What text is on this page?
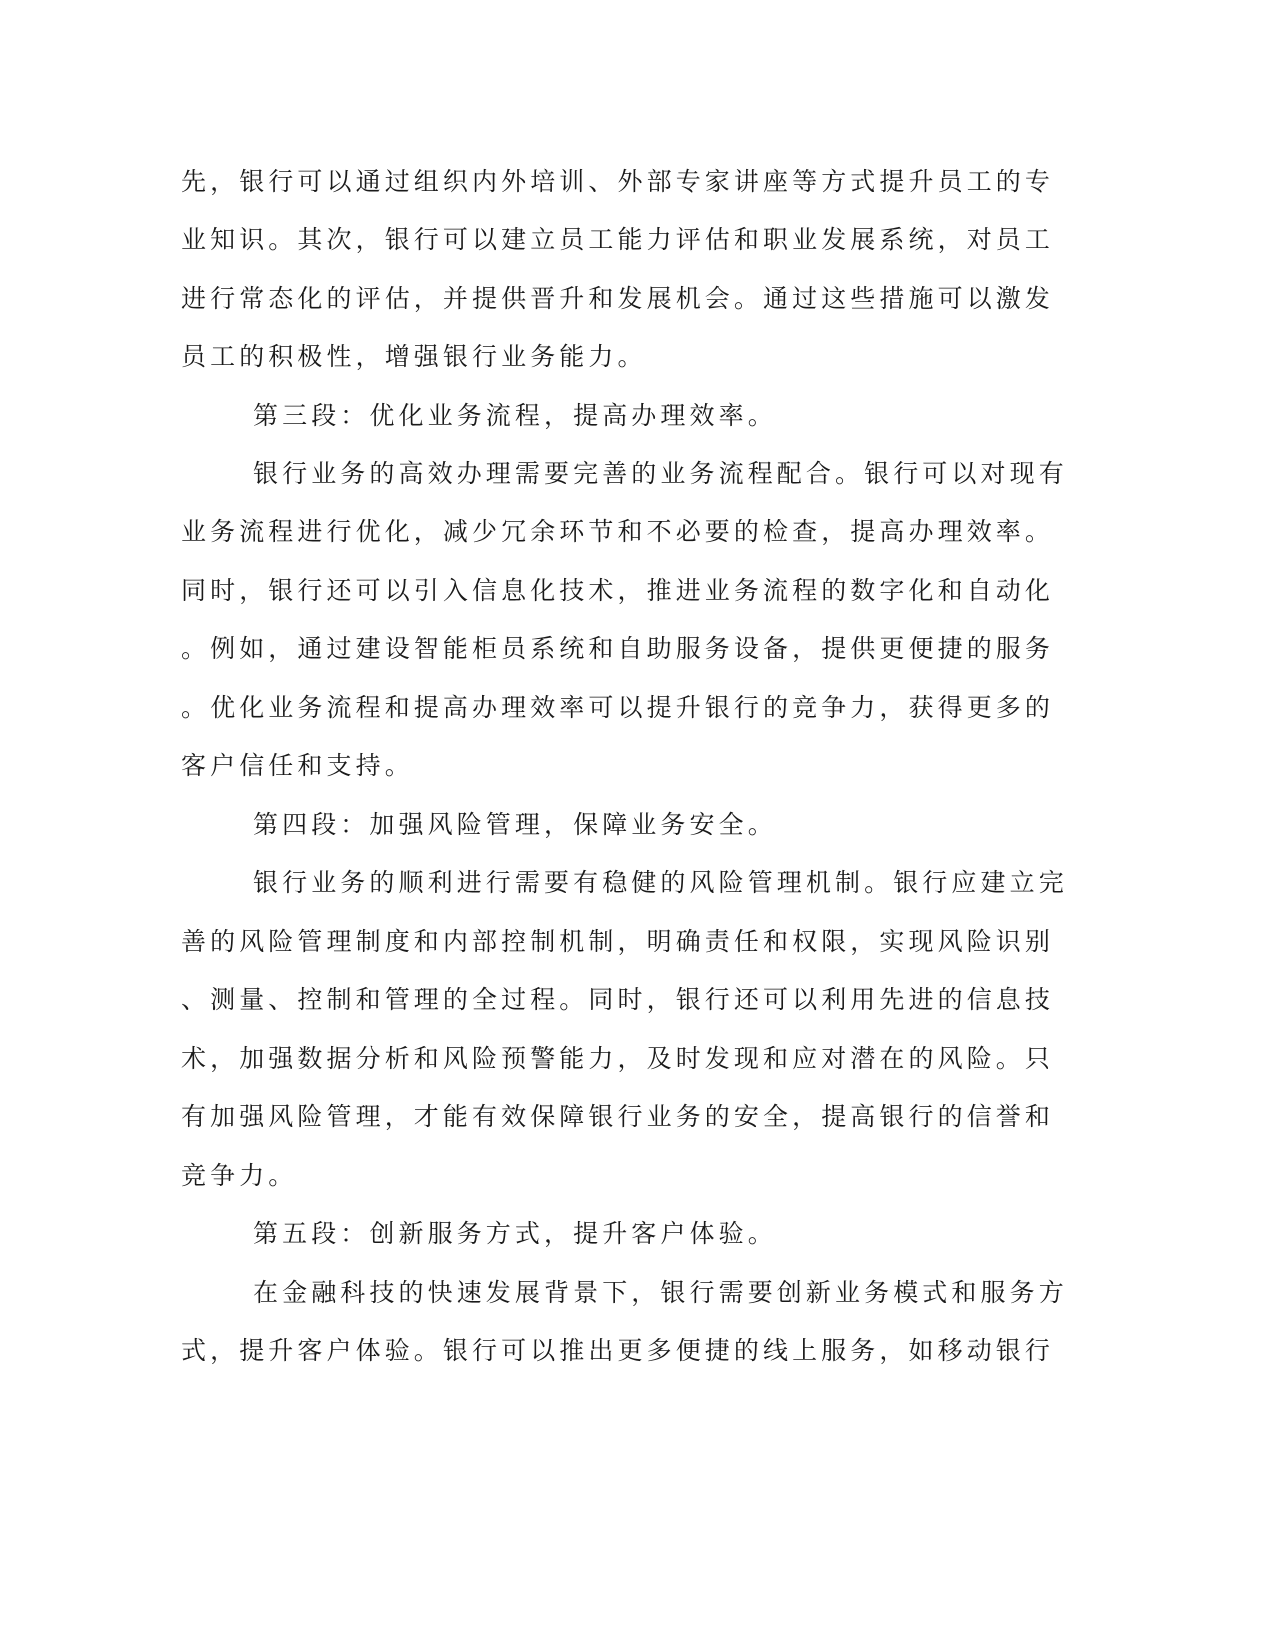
先，银行可以通过组织内外培训、外部专家讲座等方式提升员工的专
业知识。其次，银行可以建立员工能力评估和职业发展系统，对员工
进行常态化的评估，并提供晋升和发展机会。通过这些措施可以激发
员工的积极性，增强银行业务能力。
第三段：优化业务流程，提高办理效率。
银行业务的高效办理需要完善的业务流程配合。银行可以对现有
业务流程进行优化，减少冗余环节和不必要的检查，提高办理效率。
同时，银行还可以引入信息化技术，推进业务流程的数字化和自动化
。例如，通过建设智能柜员系统和自助服务设备，提供更便捷的服务
。优化业务流程和提高办理效率可以提升银行的竞争力，获得更多的
客户信任和支持。
第四段：加强风险管理，保障业务安全。
银行业务的顺利进行需要有稳健的风险管理机制。银行应建立完
善的风险管理制度和内部控制机制，明确责任和权限，实现风险识别
、测量、控制和管理的全过程。同时，银行还可以利用先进的信息技
术，加强数据分析和风险预警能力，及时发现和应对潜在的风险。只
有加强风险管理，才能有效保障银行业务的安全，提高银行的信誉和
竞争力。
第五段：创新服务方式，提升客户体验。
在金融科技的快速发展背景下，银行需要创新业务模式和服务方
式，提升客户体验。银行可以推出更多便捷的线上服务，如移动银行
